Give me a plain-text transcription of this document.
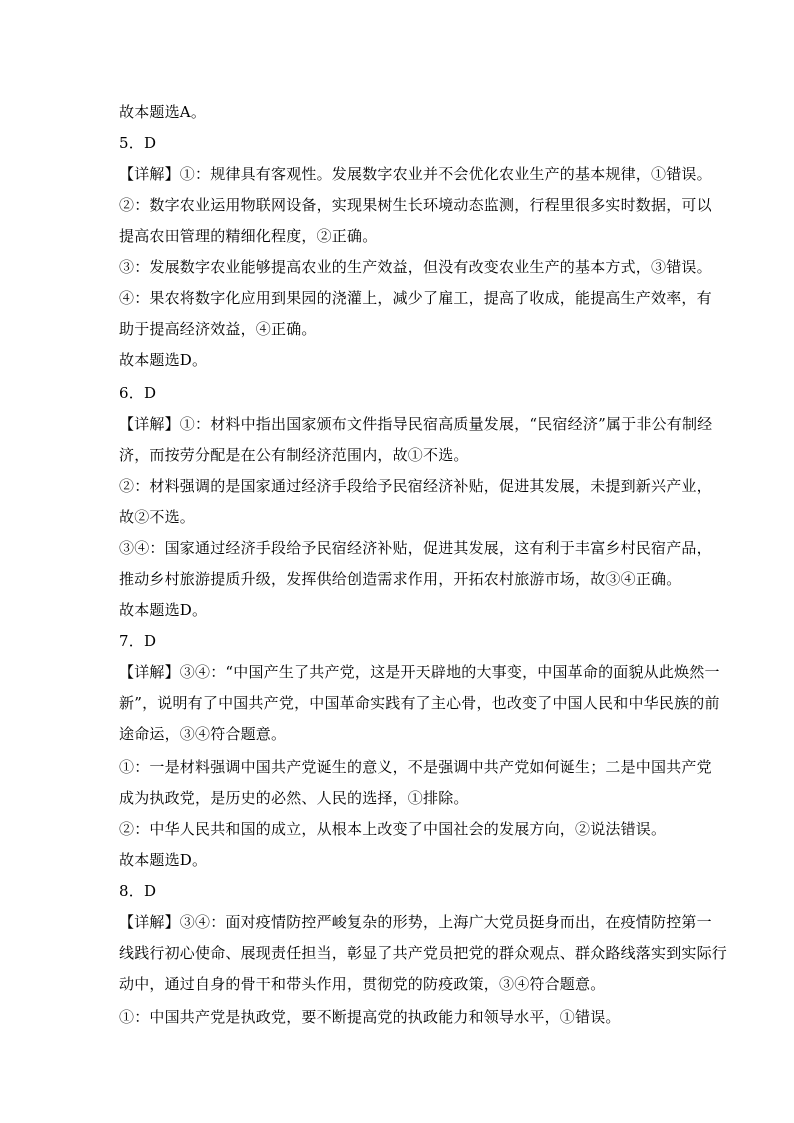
故本题选A。
5．D
【详解】①：规律具有客观性。发展数字农业并不会优化农业生产的基本规律，①错误。
②：数字农业运用物联网设备，实现果树生长环境动态监测，行程里很多实时数据，可以
提高农田管理的精细化程度，②正确。
③：发展数字农业能够提高农业的生产效益，但没有改变农业生产的基本方式，③错误。
④：果农将数字化应用到果园的浇灌上，减少了雇工，提高了收成，能提高生产效率，有
助于提高经济效益，④正确。
故本题选D。
6．D
【详解】①：材料中指出国家颁布文件指导民宿高质量发展，“民宿经济”属于非公有制经
济，而按劳分配是在公有制经济范围内，故①不选。
②：材料强调的是国家通过经济手段给予民宿经济补贴，促进其发展，未提到新兴产业，
故②不选。
③④：国家通过经济手段给予民宿经济补贴，促进其发展，这有利于丰富乡村民宿产品，
推动乡村旅游提质升级，发挥供给创造需求作用，开拓农村旅游市场，故③④正确。
故本题选D。
7．D
【详解】③④：“中国产生了共产党，这是开天辟地的大事变，中国革命的面貌从此焕然一
新”，说明有了中国共产党，中国革命实践有了主心骨，也改变了中国人民和中华民族的前
途命运，③④符合题意。
①：一是材料强调中国共产党诞生的意义，不是强调中共产党如何诞生；二是中国共产党
成为执政党，是历史的必然、人民的选择，①排除。
②：中华人民共和国的成立，从根本上改变了中国社会的发展方向，②说法错误。
故本题选D。
8．D
【详解】③④：面对疫情防控严峻复杂的形势，上海广大党员挺身而出，在疫情防控第一
线践行初心使命、展现责任担当，彰显了共产党员把党的群众观点、群众路线落实到实际行
动中，通过自身的骨干和带头作用，贯彻党的防疫政策，③④符合题意。
①：中国共产党是执政党，要不断提高党的执政能力和领导水平，①错误。
